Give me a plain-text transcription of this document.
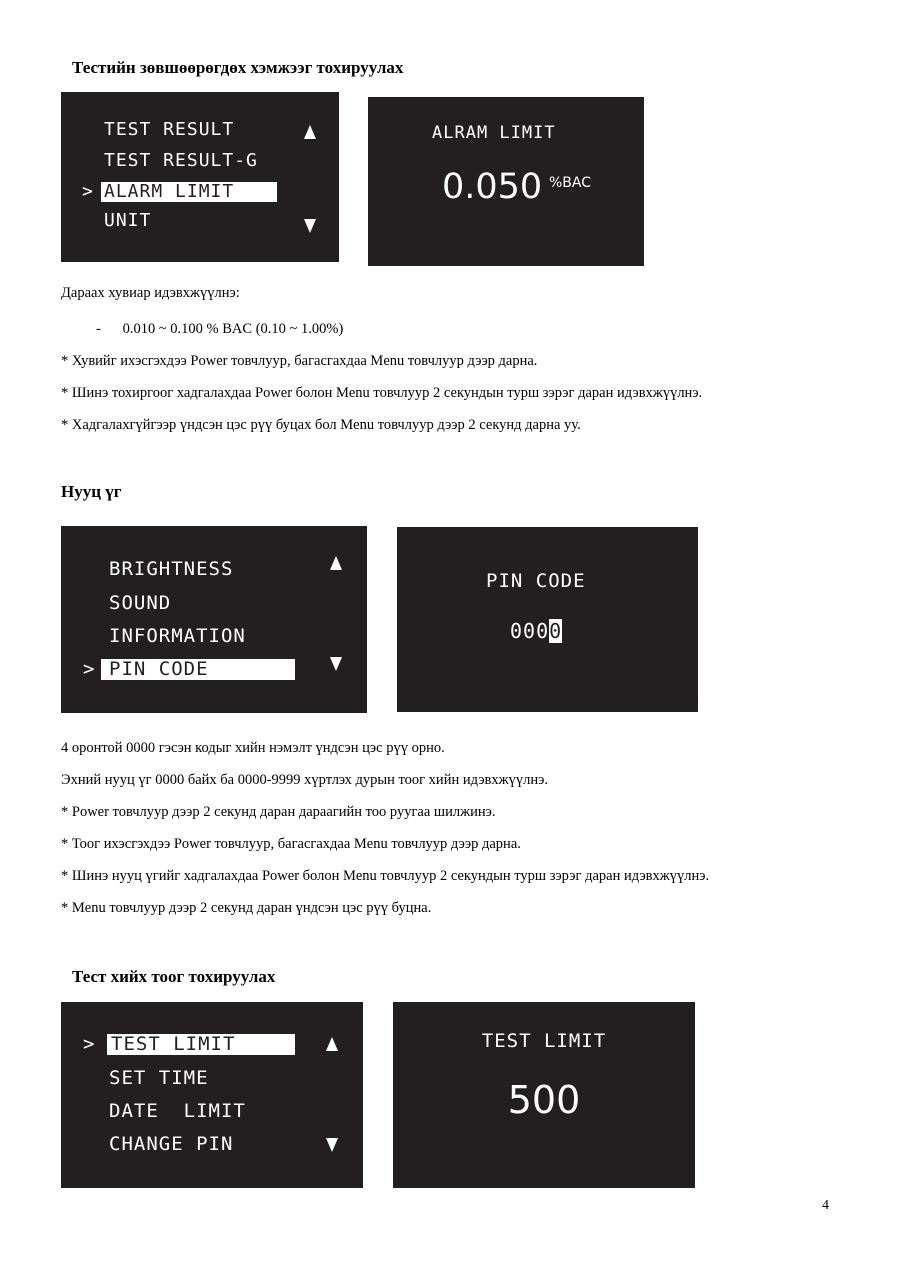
Тестийн зөвшөөрөгдөх хэмжээг тохируулах
TEST RESULT
TEST RESULT-G
> ALARM LIMIT
UNIT
ALRAM LIMIT
0.050 %BAC
Дараах хувиар идэвхжүүлнэ:
-      0.010 ~ 0.100 % BAC (0.10 ~ 1.00%)
* Хувийг ихэсгэхдээ Power товчлуур, багасгахдаа Menu товчлуур дээр дарна.
* Шинэ тохиргоог хадгалахдаа Power болон Menu товчлуур 2 секундын турш зэрэг даран идэвхжүүлнэ.
* Хадгалахгүйгээр үндсэн цэс рүү буцах бол Menu товчлуур дээр 2 секунд дарна уу.
Нууц үг
BRIGHTNESS
SOUND
INFORMATION
> PIN CODE
PIN CODE
0000
4 оронтой 0000 гэсэн кодыг хийн нэмэлт үндсэн цэс рүү орно.
Эхний нууц үг 0000 байх ба 0000-9999 хүртлэх дурын тоог хийн идэвхжүүлнэ.
* Power товчлуур дээр 2 секунд даран дараагийн тоо руугаа шилжинэ.
* Тоог ихэсгэхдээ Power товчлуур, багасгахдаа Menu товчлуур дээр дарна.
* Шинэ нууц үгийг хадгалахдаа Power болон Menu товчлуур 2 секундын турш зэрэг даран идэвхжүүлнэ.
* Menu товчлуур дээр 2 секунд даран үндсэн цэс рүү буцна.
Тест хийх тоог тохируулах
> TEST LIMIT
SET TIME
DATE  LIMIT
CHANGE PIN
TEST LIMIT
500
4
